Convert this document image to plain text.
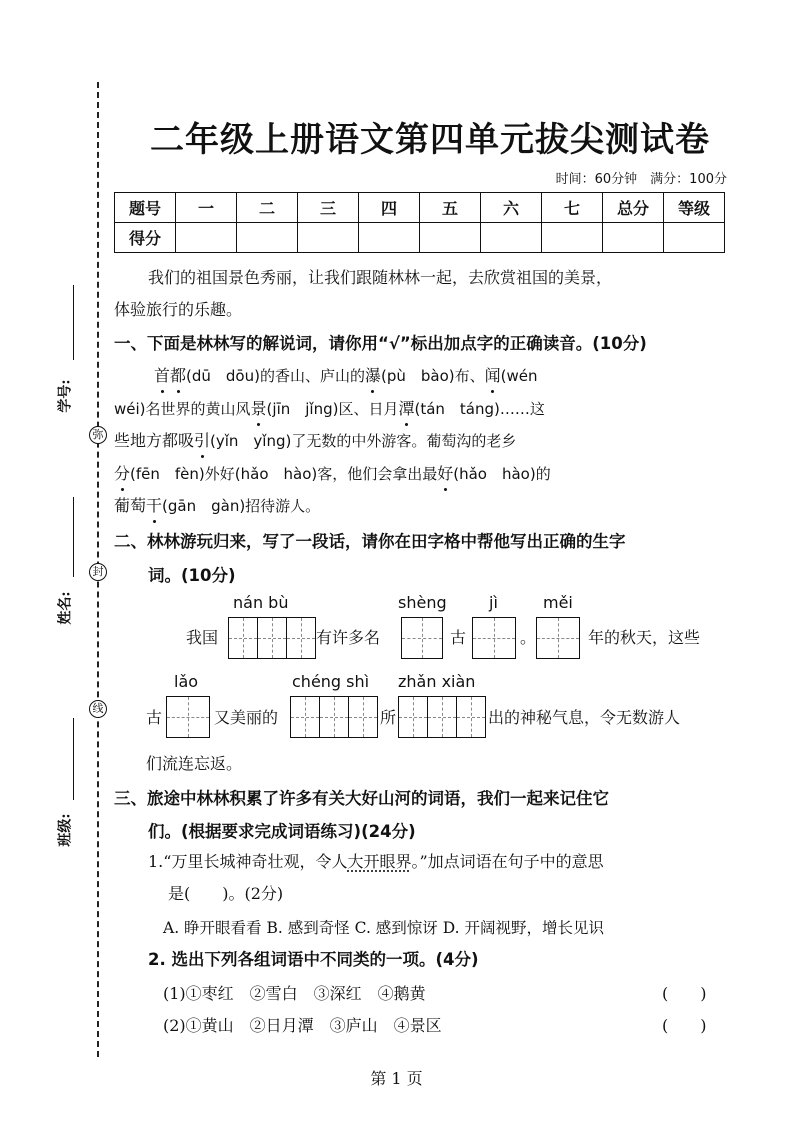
弥
封
线
学号:
姓名:
班级:
二年级上册语文第四单元拔尖测试卷
时间：60分钟　满分：100分
题号	一	二	三	四	五	六	七	总分	等级
得分									
我们的祖国景色秀丽，让我们跟随林林一起，去欣赏祖国的美景，
体验旅行的乐趣。
一、下面是林林写的解说词，请你用“√”标出加点字的正确读音。(10分)
首都(dū　dōu)的香山、庐山的瀑(pù　bào)布、闻(wén
wéi)名世界的黄山风景(jīn　jǐng)区、日月潭(tán　táng)……这
些地方都吸引(yǐn　yǐng)了无数的中外游客。葡萄沟的老乡
分(fēn　fèn)外好(hǎo　hào)客，他们会拿出最好(hǎo　hào)的
葡萄干(gān　gàn)招待游人。
二、林林游玩归来，写了一段话，请你在田字格中帮他写出正确的生字
词。(10分)
nán bù	shèng	jì	měi
我国	有许多名	古	。	年的秋天，这些
lǎo	chéng shì zhǎn xiàn
古	又美丽的	所	出的神秘气息，令无数游人
们流连忘返。
三、旅途中林林积累了许多有关大好山河的词语，我们一起来记住它
们。(根据要求完成词语练习)(24分)
1.“万里长城神奇壮观，令人大开眼界。”加点词语在句子中的意思
是(　　)。(2分)
A. 睁开眼看看 B. 感到奇怪 C. 感到惊讶 D. 开阔视野，增长见识
2. 选出下列各组词语中不同类的一项。(4分)
(1)①枣红　②雪白　③深红　④鹅黄	(　　)
(2)①黄山　②日月潭　③庐山　④景区	(　　)
第 1 页
